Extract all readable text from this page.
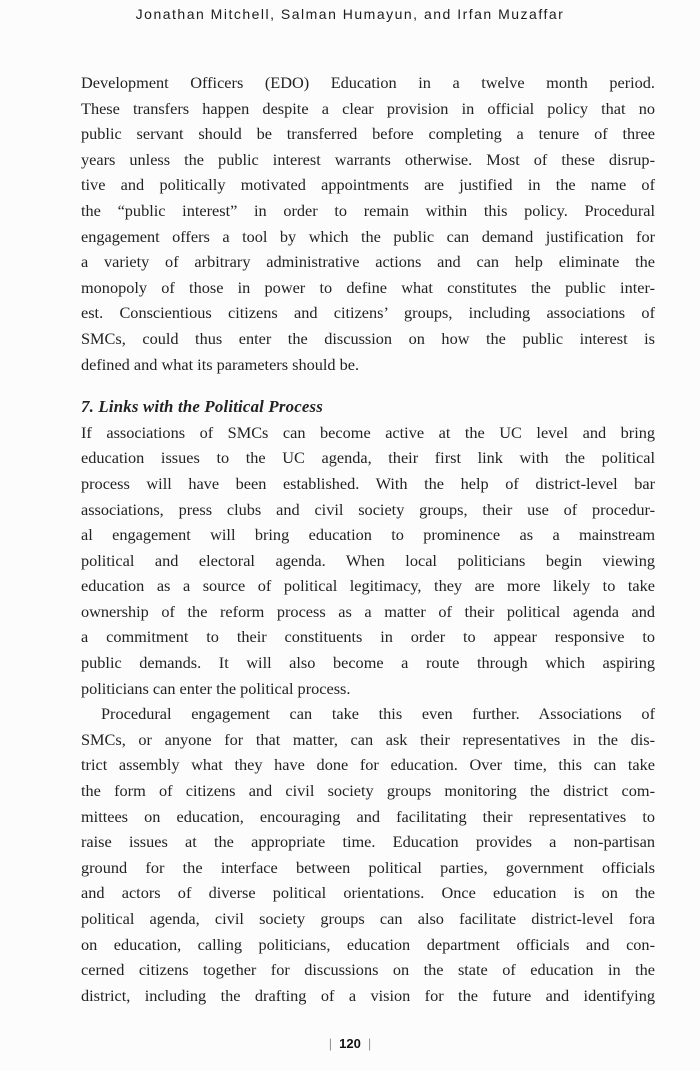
Jonathan Mitchell, Salman Humayun, and Irfan Muzaffar
Development Officers (EDO) Education in a twelve month period.
These transfers happen despite a clear provision in official policy that no
public servant should be transferred before completing a tenure of three
years unless the public interest warrants otherwise. Most of these disrup-
tive and politically motivated appointments are justified in the name of
the “public interest” in order to remain within this policy. Procedural
engagement offers a tool by which the public can demand justification for
a variety of arbitrary administrative actions and can help eliminate the
monopoly of those in power to define what constitutes the public inter-
est. Conscientious citizens and citizens’ groups, including associations of
SMCs, could thus enter the discussion on how the public interest is
defined and what its parameters should be.
7. Links with the Political Process
If associations of SMCs can become active at the UC level and bring
education issues to the UC agenda, their first link with the political
process will have been established. With the help of district-level bar
associations, press clubs and civil society groups, their use of procedur-
al engagement will bring education to prominence as a mainstream
political and electoral agenda. When local politicians begin viewing
education as a source of political legitimacy, they are more likely to take
ownership of the reform process as a matter of their political agenda and
a commitment to their constituents in order to appear responsive to
public demands. It will also become a route through which aspiring
politicians can enter the political process.
Procedural engagement can take this even further. Associations of
SMCs, or anyone for that matter, can ask their representatives in the dis-
trict assembly what they have done for education. Over time, this can take
the form of citizens and civil society groups monitoring the district com-
mittees on education, encouraging and facilitating their representatives to
raise issues at the appropriate time. Education provides a non-partisan
ground for the interface between political parties, government officials
and actors of diverse political orientations. Once education is on the
political agenda, civil society groups can also facilitate district-level fora
on education, calling politicians, education department officials and con-
cerned citizens together for discussions on the state of education in the
district, including the drafting of a vision for the future and identifying
| 120 |
